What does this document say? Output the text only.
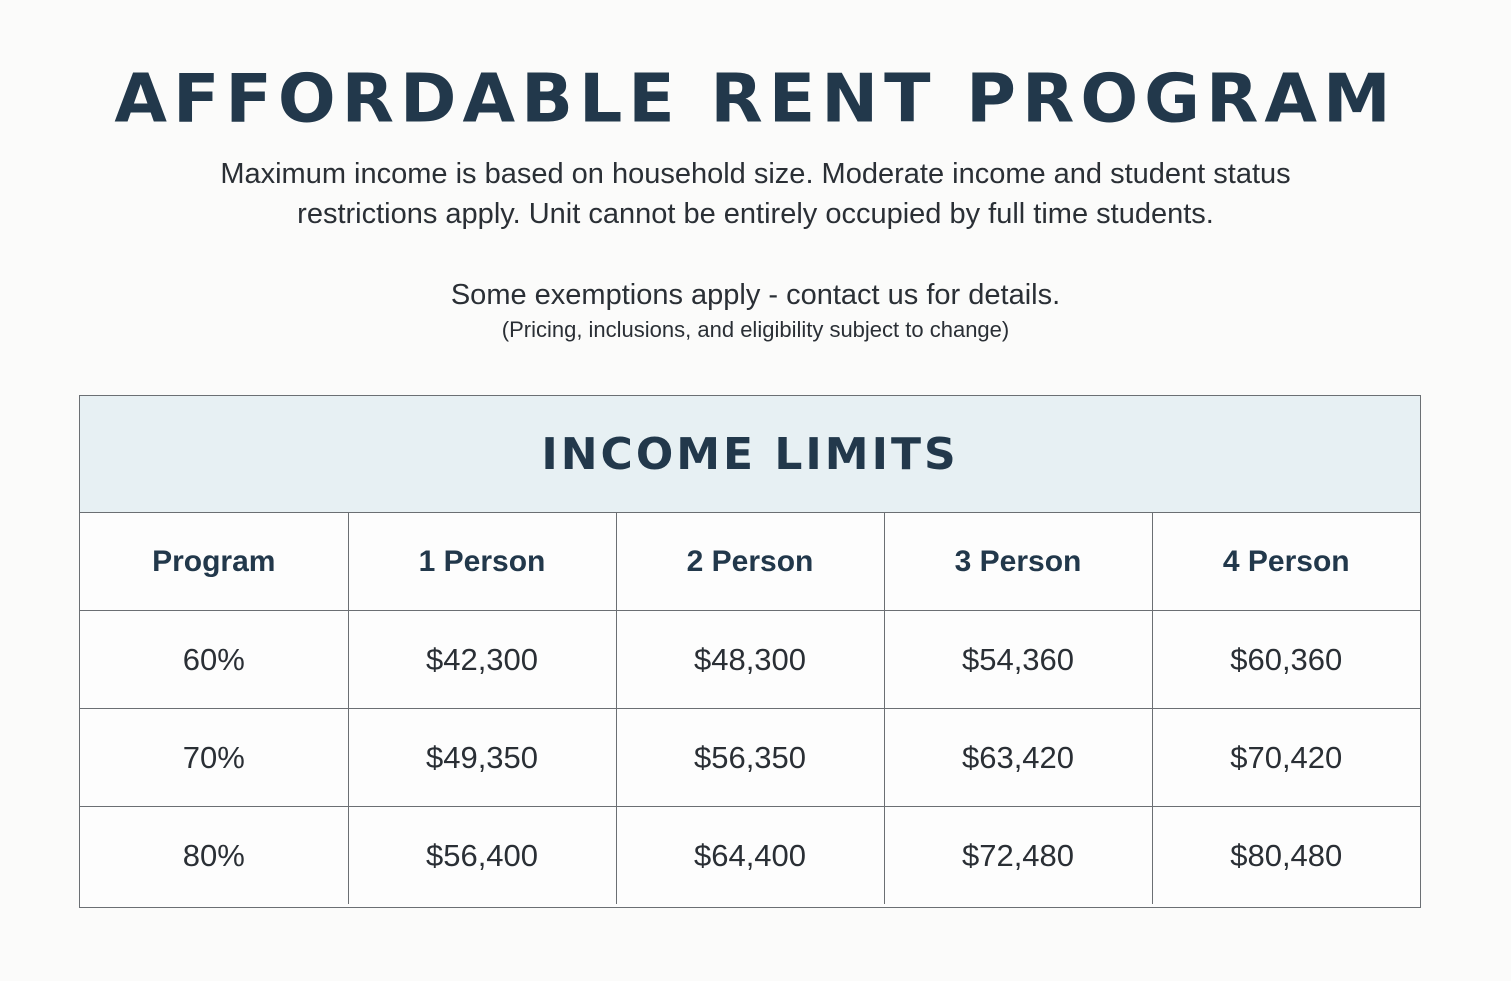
AFFORDABLE RENT PROGRAM
Maximum income is based on household size. Moderate income and student status
restrictions apply. Unit cannot be entirely occupied by full time students.
Some exemptions apply - contact us for details.
(Pricing, inclusions, and eligibility subject to change)
INCOME LIMITS
Program	1 Person	2 Person	3 Person	4 Person
60%	$42,300	$48,300	$54,360	$60,360
70%	$49,350	$56,350	$63,420	$70,420
80%	$56,400	$64,400	$72,480	$80,480
